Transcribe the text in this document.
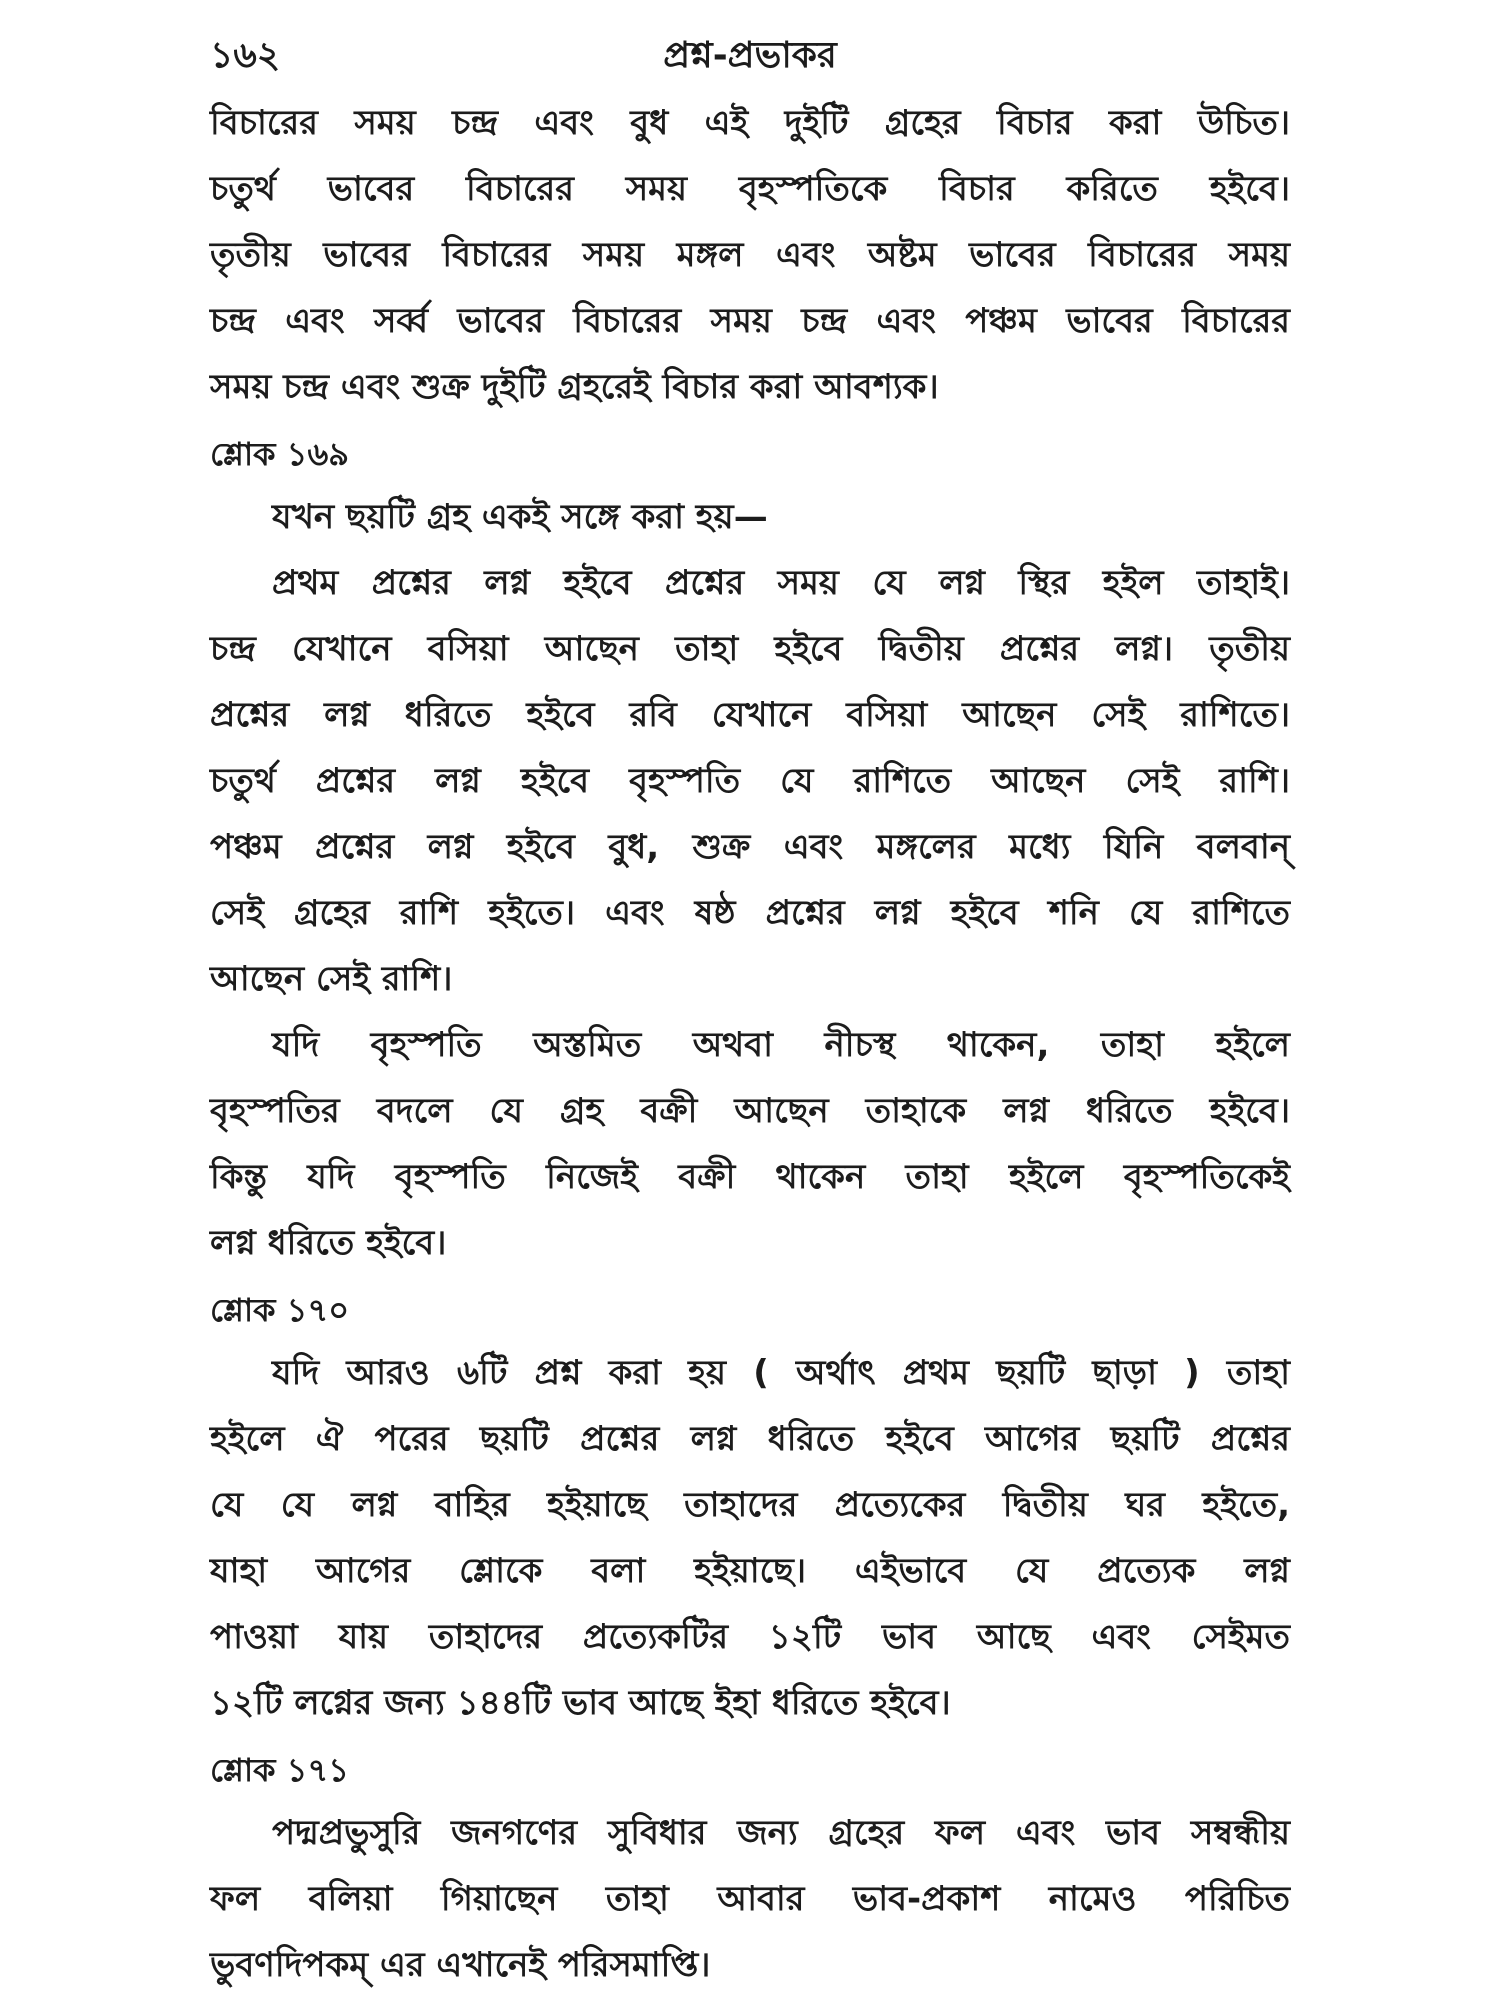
১৬২	প্রশ্ন-প্রভাকর
বিচারের সময় চন্দ্র এবং বুধ এই দুইটি গ্রহের বিচার করা উচিত।
চতুর্থ ভাবের বিচারের সময় বৃহস্পতিকে বিচার করিতে হইবে।
তৃতীয় ভাবের বিচারের সময় মঙ্গল এবং অষ্টম ভাবের বিচারের সময়
চন্দ্র এবং সর্ব্ব ভাবের বিচারের সময় চন্দ্র এবং পঞ্চম ভাবের বিচারের
সময় চন্দ্র এবং শুক্র দুইটি গ্রহরেই বিচার করা আবশ্যক।
শ্লোক ১৬৯
যখন ছয়টি গ্রহ একই সঙ্গে করা হয়—
প্রথম প্রশ্নের লগ্ন হইবে প্রশ্নের সময় যে লগ্ন স্থির হইল তাহাই।
চন্দ্র যেখানে বসিয়া আছেন তাহা হইবে দ্বিতীয় প্রশ্নের লগ্ন। তৃতীয়
প্রশ্নের লগ্ন ধরিতে হইবে রবি যেখানে বসিয়া আছেন সেই রাশিতে।
চতুর্থ প্রশ্নের লগ্ন হইবে বৃহস্পতি যে রাশিতে আছেন সেই রাশি।
পঞ্চম প্রশ্নের লগ্ন হইবে বুধ, শুক্র এবং মঙ্গলের মধ্যে যিনি বলবান্
সেই গ্রহের রাশি হইতে। এবং ষষ্ঠ প্রশ্নের লগ্ন হইবে শনি যে রাশিতে
আছেন সেই রাশি।
যদি বৃহস্পতি অস্তমিত অথবা নীচস্থ থাকেন, তাহা হইলে
বৃহস্পতির বদলে যে গ্রহ বক্রী আছেন তাহাকে লগ্ন ধরিতে হইবে।
কিন্তু যদি বৃহস্পতি নিজেই বক্রী থাকেন তাহা হইলে বৃহস্পতিকেই
লগ্ন ধরিতে হইবে।
শ্লোক ১৭০
যদি আরও ৬টি প্রশ্ন করা হয় ( অর্থাৎ প্রথম ছয়টি ছাড়া ) তাহা
হইলে ঐ পরের ছয়টি প্রশ্নের লগ্ন ধরিতে হইবে আগের ছয়টি প্রশ্নের
যে যে লগ্ন বাহির হইয়াছে তাহাদের প্রত্যেকের দ্বিতীয় ঘর হইতে,
যাহা আগের শ্লোকে বলা হইয়াছে। এইভাবে যে প্রত্যেক লগ্ন
পাওয়া যায় তাহাদের প্রত্যেকটির ১২টি ভাব আছে এবং সেইমত
১২টি লগ্নের জন্য ১৪৪টি ভাব আছে ইহা ধরিতে হইবে।
শ্লোক ১৭১
পদ্মপ্রভুসুরি জনগণের সুবিধার জন্য গ্রহের ফল এবং ভাব সম্বন্ধীয়
ফল বলিয়া গিয়াছেন তাহা আবার ভাব-প্রকাশ নামেও পরিচিত
ভুবণদিপকম্ এর এখানেই পরিসমাপ্তি।
